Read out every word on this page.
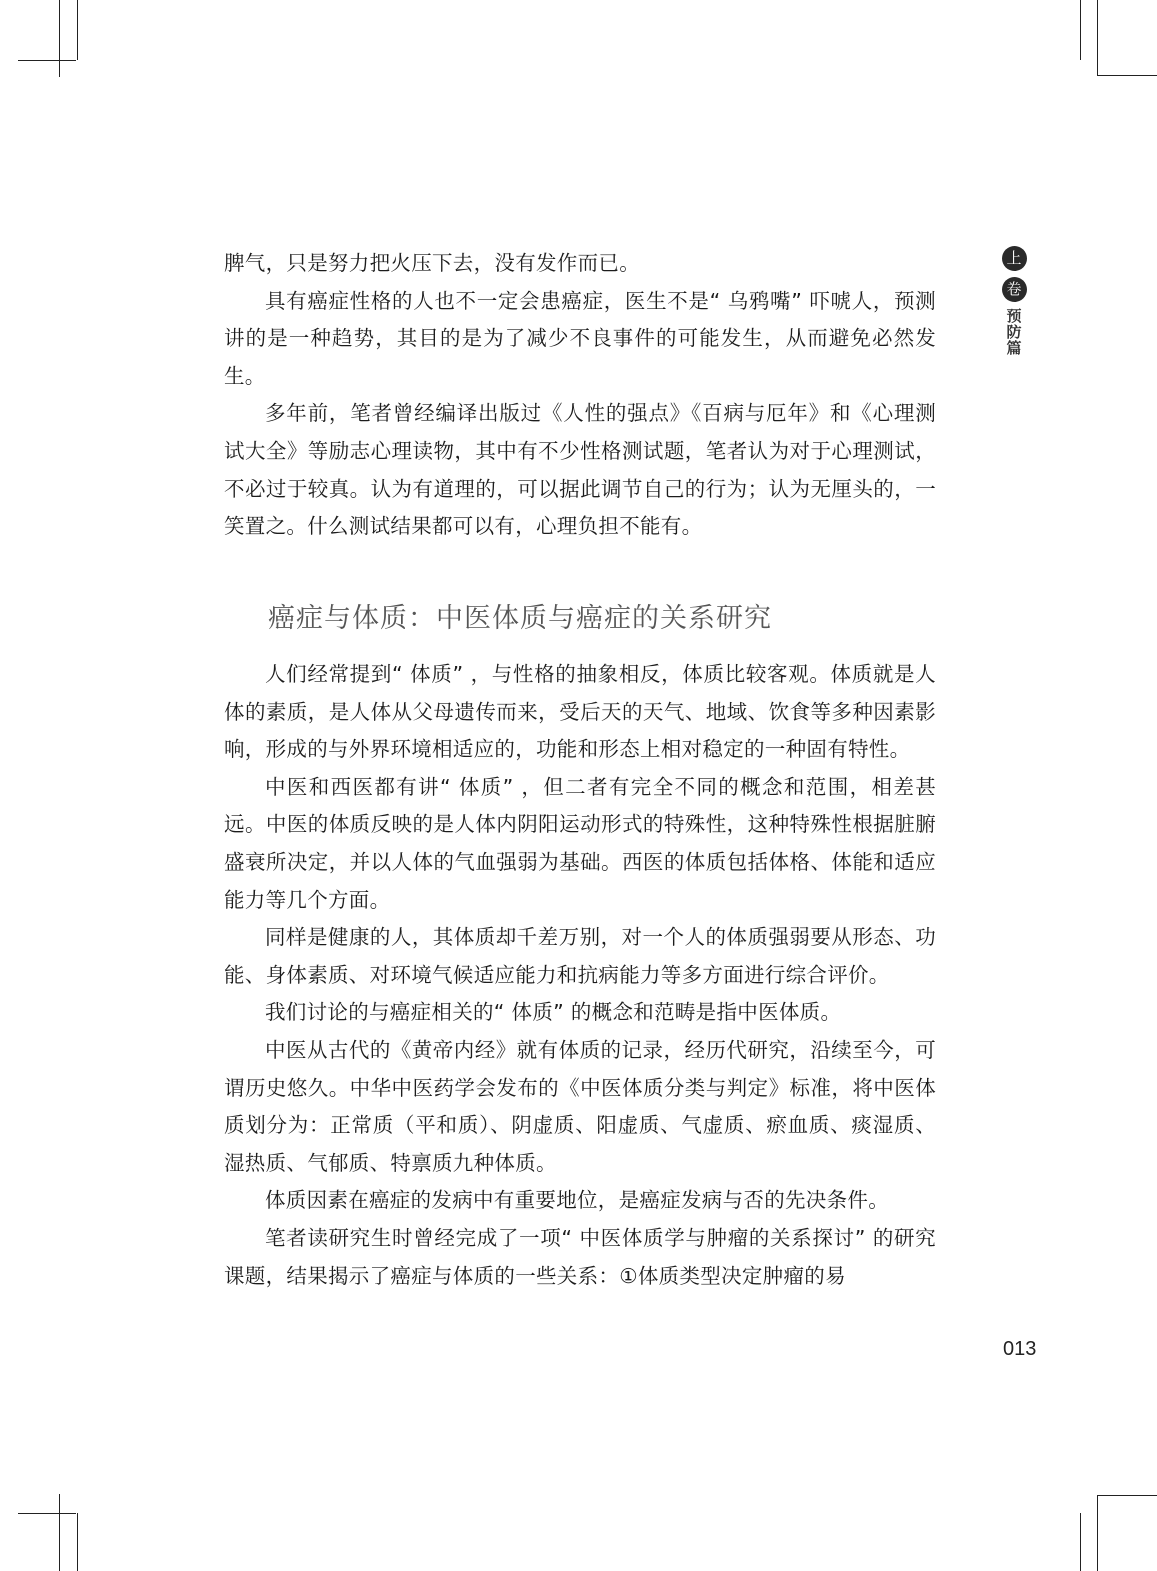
上
卷
预防篇

脾气，只是努力把火压下去，没有发作而已。

具有癌症性格的人也不一定会患癌症，医生不是“ 乌鸦嘴” 吓唬人，预测讲的是一种趋势，其目的是为了减少不良事件的可能发生，从而避免必然发生。

多年前，笔者曾经编译出版过《人性的强点》《百病与厄年》和《心理测试大全》等励志心理读物，其中有不少性格测试题，笔者认为对于心理测试，不必过于较真。认为有道理的，可以据此调节自己的行为；认为无厘头的，一笑置之。什么测试结果都可以有，心理负担不能有。

癌症与体质：中医体质与癌症的关系研究

人们经常提到“ 体质” ，与性格的抽象相反，体质比较客观。体质就是人体的素质，是人体从父母遗传而来，受后天的天气、地域、饮食等多种因素影响，形成的与外界环境相适应的，功能和形态上相对稳定的一种固有特性。

中医和西医都有讲“ 体质” ，但二者有完全不同的概念和范围，相差甚远。中医的体质反映的是人体内阴阳运动形式的特殊性，这种特殊性根据脏腑盛衰所决定，并以人体的气血强弱为基础。西医的体质包括体格、体能和适应能力等几个方面。

同样是健康的人，其体质却千差万别，对一个人的体质强弱要从形态、功能、身体素质、对环境气候适应能力和抗病能力等多方面进行综合评价。

我们讨论的与癌症相关的“ 体质” 的概念和范畴是指中医体质。

中医从古代的《黄帝内经》就有体质的记录，经历代研究，沿续至今，可谓历史悠久。中华中医药学会发布的《中医体质分类与判定》标准，将中医体质划分为：正常质（平和质）、阴虚质、阳虚质、气虚质、瘀血质、痰湿质、湿热质、气郁质、特禀质九种体质。

体质因素在癌症的发病中有重要地位，是癌症发病与否的先决条件。

笔者读研究生时曾经完成了一项“ 中医体质学与肿瘤的关系探讨” 的研究课题，结果揭示了癌症与体质的一些关系：①体质类型决定肿瘤的易

013
